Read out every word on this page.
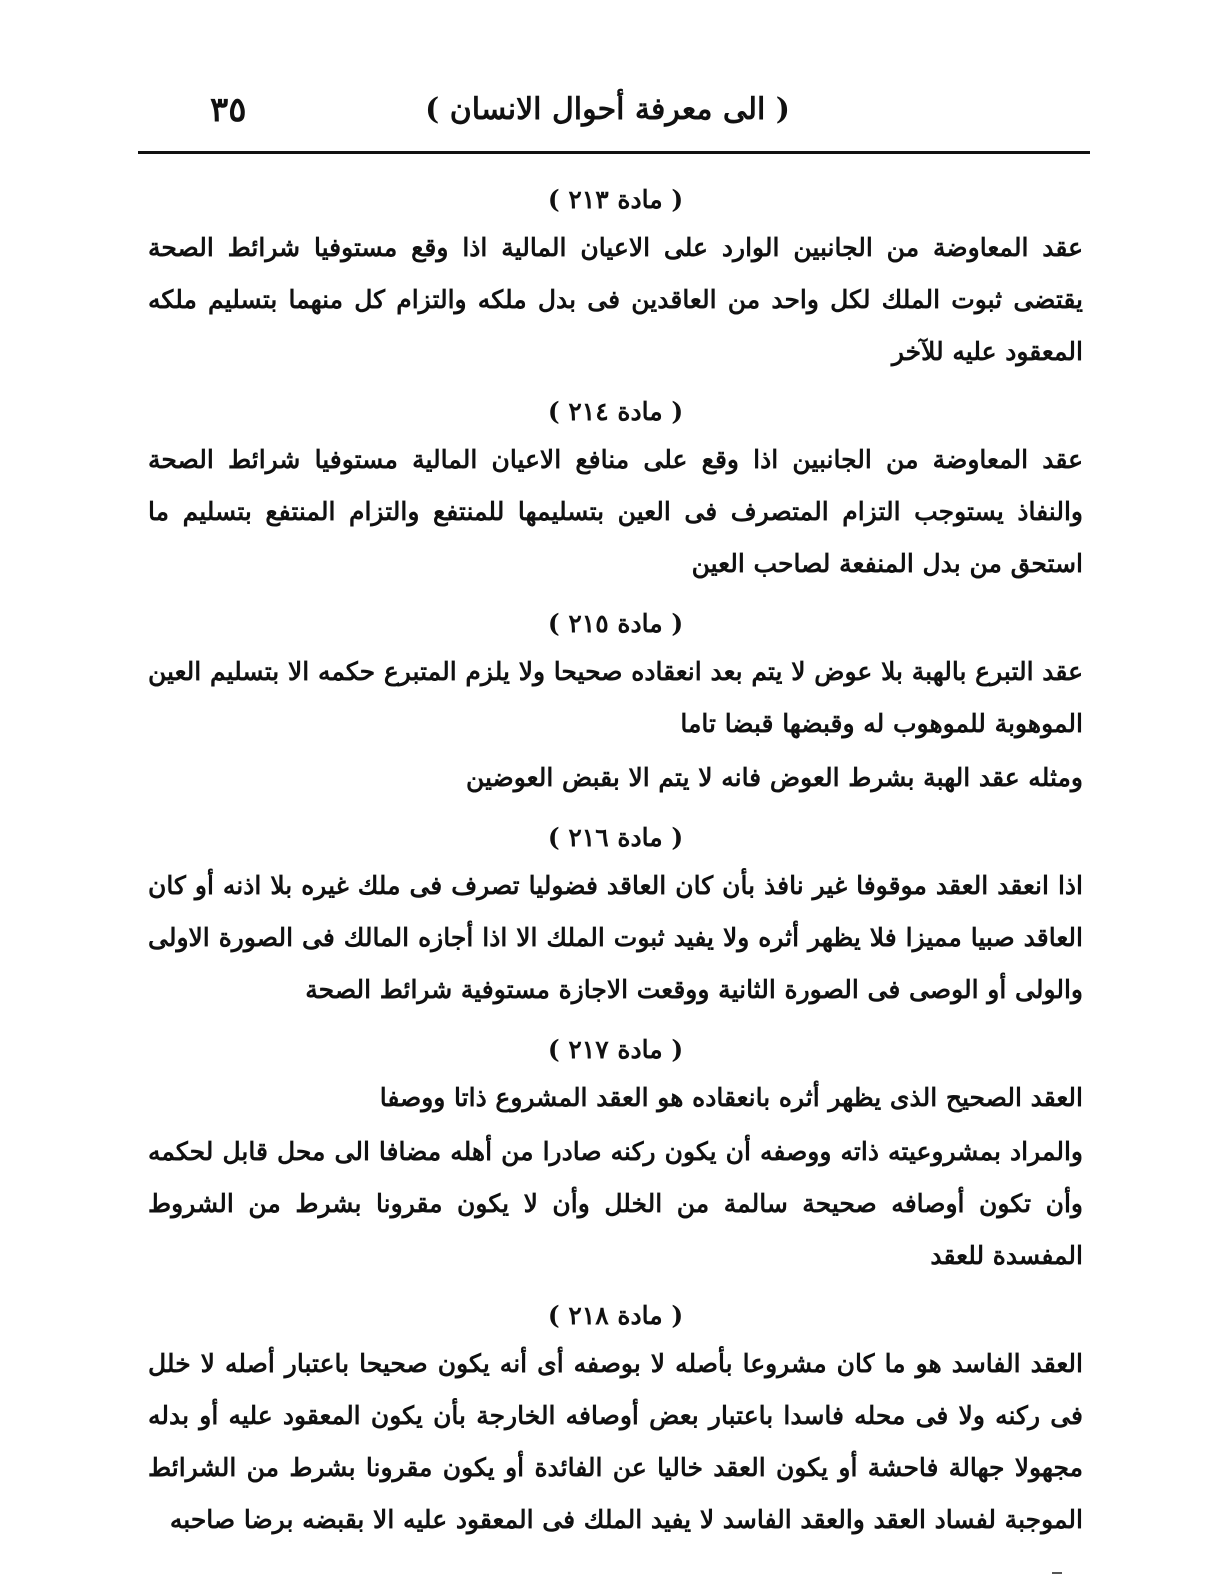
( الى معرفة أحوال الانسان )
٣٥
( مادة ٢١٣ )

عقد المعاوضة من الجانبين الوارد على الاعيان المالية اذا وقع مستوفيا شرائط الصحة يقتضى ثبوت الملك لكل واحد من العاقدين فى بدل ملكه والتزام كل منهما بتسليم ملكه المعقود عليه للآخر

( مادة ٢١٤ )

عقد المعاوضة من الجانبين اذا وقع على منافع الاعيان المالية مستوفيا شرائط الصحة والنفاذ يستوجب التزام المتصرف فى العين بتسليمها للمنتفع والتزام المنتفع بتسليم ما استحق من بدل المنفعة لصاحب العين

( مادة ٢١٥ )

عقد التبرع بالهبة بلا عوض لا يتم بعد انعقاده صحيحا ولا يلزم المتبرع حكمه الا بتسليم العين الموهوبة للموهوب له وقبضها قبضا تاما

ومثله عقد الهبة بشرط العوض فانه لا يتم الا بقبض العوضين

( مادة ٢١٦ )

اذا انعقد العقد موقوفا غير نافذ بأن كان العاقد فضوليا تصرف فى ملك غيره بلا اذنه أو كان العاقد صبيا مميزا فلا يظهر أثره ولا يفيد ثبوت الملك الا اذا أجازه المالك فى الصورة الاولى والولى أو الوصى فى الصورة الثانية ووقعت الاجازة مستوفية شرائط الصحة

( مادة ٢١٧ )

العقد الصحيح الذى يظهر أثره بانعقاده هو العقد المشروع ذاتا ووصفا

والمراد بمشروعيته ذاته ووصفه أن يكون ركنه صادرا من أهله مضافا الى محل قابل لحكمه وأن تكون أوصافه صحيحة سالمة من الخلل وأن لا يكون مقرونا بشرط من الشروط المفسدة للعقد

( مادة ٢١٨ )

العقد الفاسد هو ما كان مشروعا بأصله لا بوصفه أى أنه يكون صحيحا باعتبار أصله لا خلل فى ركنه ولا فى محله فاسدا باعتبار بعض أوصافه الخارجة بأن يكون المعقود عليه أو بدله مجهولا جهالة فاحشة أو يكون العقد خاليا عن الفائدة أو يكون مقرونا بشرط من الشرائط الموجبة لفساد العقد والعقد الفاسد لا يفيد الملك فى المعقود عليه الا بقبضه برضا صاحبه
